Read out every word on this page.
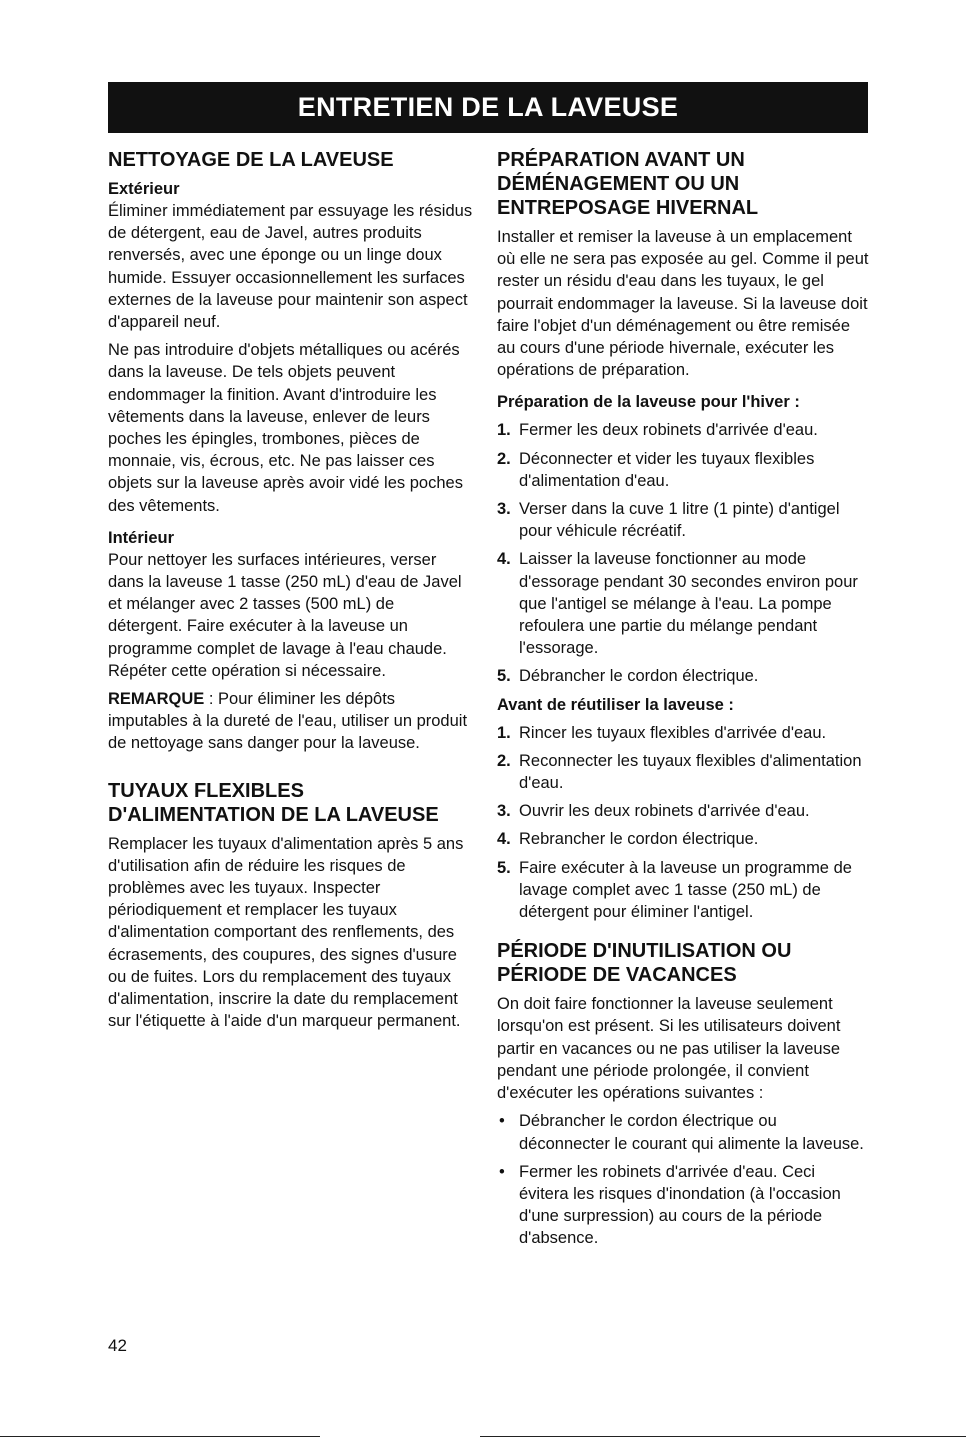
ENTRETIEN DE LA LAVEUSE
NETTOYAGE DE LA LAVEUSE
Extérieur

Éliminer immédiatement par essuyage les résidus de détergent, eau de Javel, autres produits renversés, avec une éponge ou un linge doux humide. Essuyer occasionnellement les surfaces externes de la laveuse pour maintenir son aspect d'appareil neuf.

Ne pas introduire d'objets métalliques ou acérés dans la laveuse. De tels objets peuvent endommager la finition. Avant d'introduire les vêtements dans la laveuse, enlever de leurs poches les épingles, trombones, pièces de monnaie, vis, écrous, etc. Ne pas laisser ces objets sur la laveuse après avoir vidé les poches des vêtements.

Intérieur

Pour nettoyer les surfaces intérieures, verser dans la laveuse 1 tasse (250 mL) d'eau de Javel et mélanger avec 2 tasses (500 mL) de détergent. Faire exécuter à la laveuse un programme complet de lavage à l'eau chaude. Répéter cette opération si nécessaire.

REMARQUE : Pour éliminer les dépôts imputables à la dureté de l'eau, utiliser un produit de nettoyage sans danger pour la laveuse.

TUYAUX FLEXIBLES D'ALIMENTATION DE LA LAVEUSE

Remplacer les tuyaux d'alimentation après 5 ans d'utilisation afin de réduire les risques de problèmes avec les tuyaux. Inspecter périodiquement et remplacer les tuyaux d'alimentation comportant des renflements, des écrasements, des coupures, des signes d'usure ou de fuites. Lors du remplacement des tuyaux d'alimentation, inscrire la date du remplacement sur l'étiquette à l'aide d'un marqueur permanent.

PRÉPARATION AVANT UN DÉMÉNAGEMENT OU UN ENTREPOSAGE HIVERNAL

Installer et remiser la laveuse à un emplacement où elle ne sera pas exposée au gel. Comme il peut rester un résidu d'eau dans les tuyaux, le gel pourrait endommager la laveuse. Si la laveuse doit faire l'objet d'un déménagement ou être remisée au cours d'une période hivernale, exécuter les opérations de préparation.

Préparation de la laveuse pour l'hiver :
1. Fermer les deux robinets d'arrivée d'eau.
2. Déconnecter et vider les tuyaux flexibles d'alimentation d'eau.
3. Verser dans la cuve 1 litre (1 pinte) d'antigel pour véhicule récréatif.
4. Laisser la laveuse fonctionner au mode d'essorage pendant 30 secondes environ pour que l'antigel se mélange à l'eau. La pompe refoulera une partie du mélange pendant l'essorage.
5. Débrancher le cordon électrique.
Avant de réutiliser la laveuse :
1. Rincer les tuyaux flexibles d'arrivée d'eau.
2. Reconnecter les tuyaux flexibles d'alimentation d'eau.
3. Ouvrir les deux robinets d'arrivée d'eau.
4. Rebrancher le cordon électrique.
5. Faire exécuter à la laveuse un programme de lavage complet avec 1 tasse (250 mL) de détergent pour éliminer l'antigel.
PÉRIODE D'INUTILISATION OU PÉRIODE DE VACANCES

On doit faire fonctionner la laveuse seulement lorsqu'on est présent. Si les utilisateurs doivent partir en vacances ou ne pas utiliser la laveuse pendant une période prolongée, il convient d'exécuter les opérations suivantes :

• Débrancher le cordon électrique ou déconnecter le courant qui alimente la laveuse.
• Fermer les robinets d'arrivée d'eau. Ceci évitera les risques d'inondation (à l'occasion d'une surpression) au cours de la période d'absence.
42
